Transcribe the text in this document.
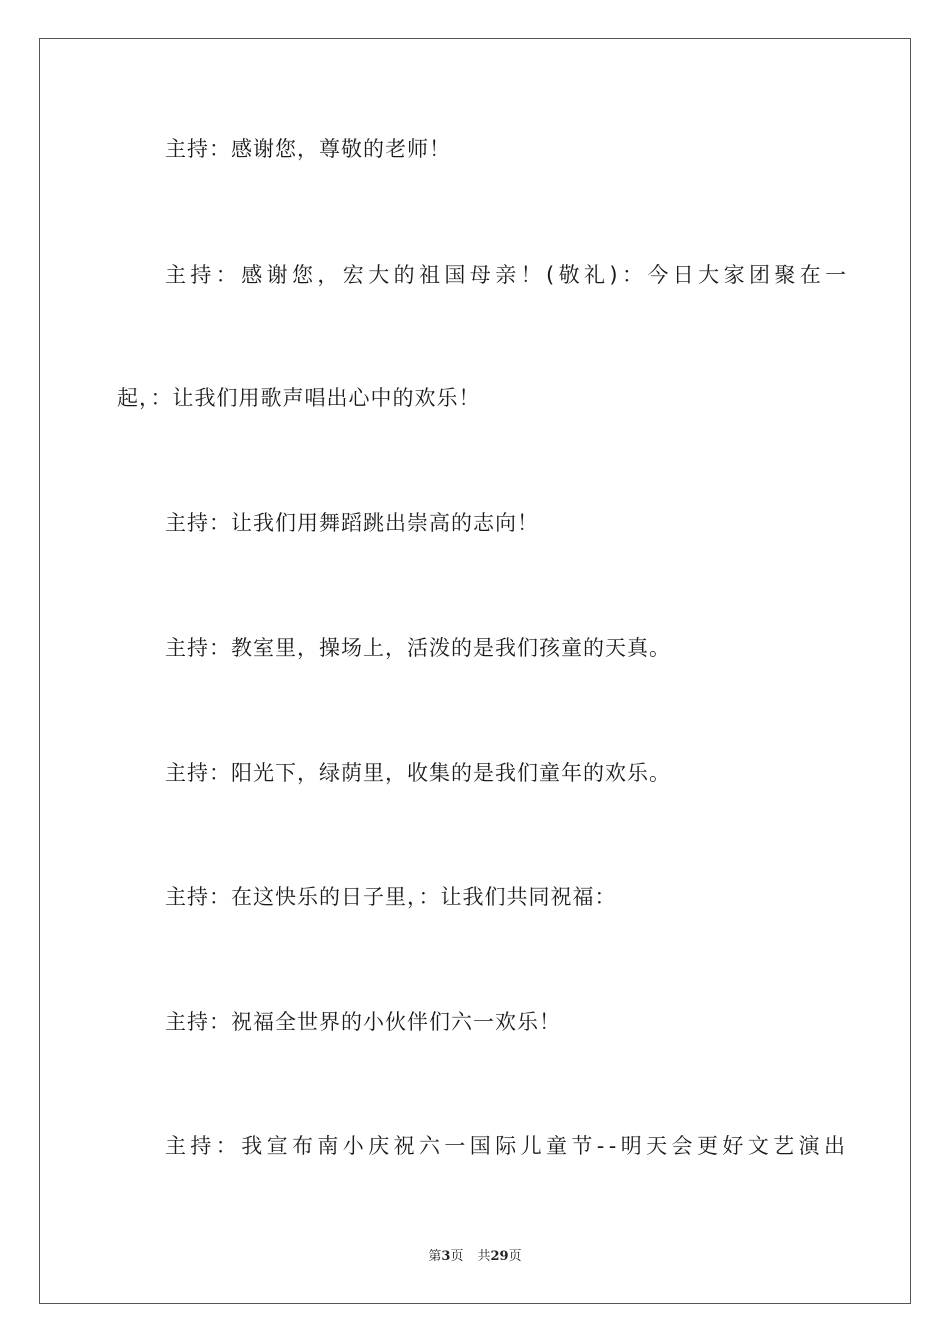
主持：感谢您，尊敬的老师！
主持：感谢您，宏大的祖国母亲！(敬礼)：今日大家团聚在一
起，：让我们用歌声唱出心中的欢乐！
主持：让我们用舞蹈跳出崇高的志向！
主持：教室里，操场上，活泼的是我们孩童的天真。
主持：阳光下，绿荫里，收集的是我们童年的欢乐。
主持：在这快乐的日子里，：让我们共同祝福：
主持：祝福全世界的小伙伴们六一欢乐！
主持：我宣布南小庆祝六一国际儿童节--明天会更好文艺演出
第3页 共29页
